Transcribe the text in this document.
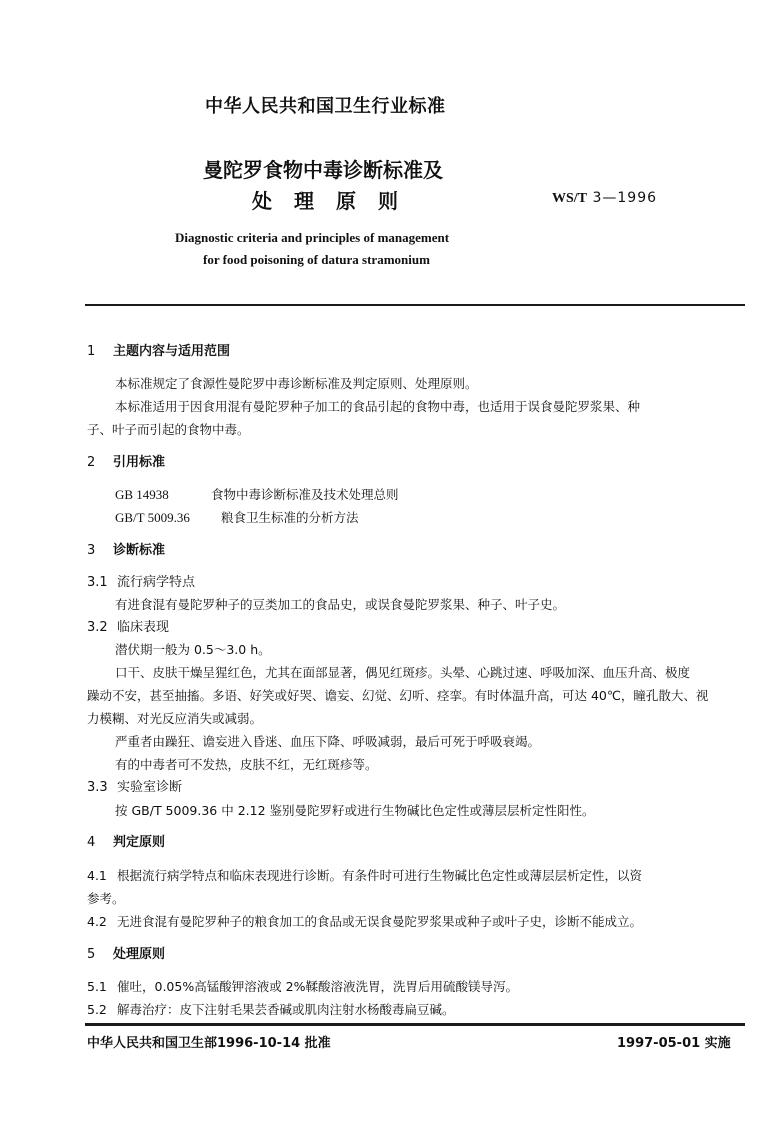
中华人民共和国卫生行业标准
曼陀罗食物中毒诊断标准及
处理原则	WS/T 3—1996
Diagnostic criteria and principles of management
for food poisoning of datura stramonium
1 主题内容与适用范围
本标准规定了食源性曼陀罗中毒诊断标准及判定原则、处理原则。
本标准适用于因食用混有曼陀罗种子加工的食品引起的食物中毒，也适用于误食曼陀罗浆果、种
子、叶子而引起的食物中毒。
2 引用标准
GB 14938	食物中毒诊断标准及技术处理总则
GB/T 5009.36 粮食卫生标准的分析方法
3 诊断标准
3.1 流行病学特点
有进食混有曼陀罗种子的豆类加工的食品史，或误食曼陀罗浆果、种子、叶子史。
3.2 临床表现
潜伏期一般为 0.5～3.0 h。
口干、皮肤干燥呈猩红色，尤其在面部显著，偶见红斑疹。头晕、心跳过速、呼吸加深、血压升高、极度
躁动不安，甚至抽搐。多语、好笑或好哭、谵妄、幻觉、幻听、痉挛。有时体温升高，可达 40℃，瞳孔散大、视
力模糊、对光反应消失或减弱。
严重者由躁狂、谵妄进入昏迷、血压下降、呼吸减弱，最后可死于呼吸衰竭。
有的中毒者可不发热，皮肤不红，无红斑疹等。
3.3 实验室诊断
按 GB/T 5009.36 中 2.12 鉴别曼陀罗籽或进行生物碱比色定性或薄层层析定性阳性。
4 判定原则
4.1 根据流行病学特点和临床表现进行诊断。有条件时可进行生物碱比色定性或薄层层析定性，以资
参考。
4.2 无进食混有曼陀罗种子的粮食加工的食品或无误食曼陀罗浆果或种子或叶子史，诊断不能成立。
5 处理原则
5.1 催吐，0.05%高锰酸钾溶液或 2%鞣酸溶液洗胃，洗胃后用硫酸镁导泻。
5.2 解毒治疗：皮下注射毛果芸香碱或肌肉注射水杨酸毒扁豆碱。
中华人民共和国卫生部1996-10-14 批准	1997-05-01 实施
